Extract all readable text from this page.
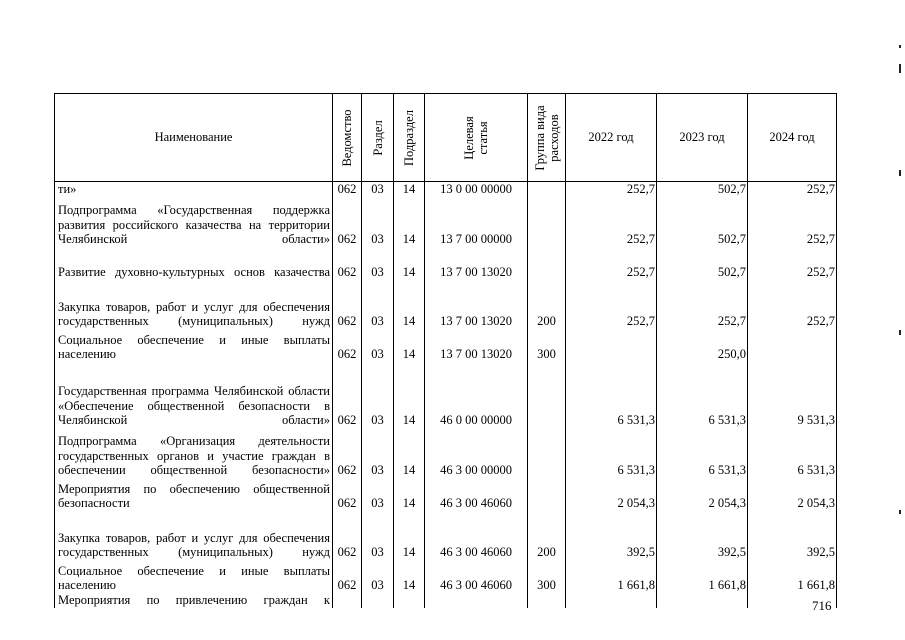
Наименование	Ведомство	Раздел	Подраздел	Целевая статья	Группа вида расходов	2022 год	2023 год	2024 год
ти»	062	03	14	13 0 00 00000		252,7	502,7	252,7
Подпрограмма «Государственная поддержка развития российского казачества на территории Челябинской области»	062	03	14	13 7 00 00000		252,7	502,7	252,7
Развитие духовно-культурных основ казачества	062	03	14	13 7 00 13020		252,7	502,7	252,7
Закупка товаров, работ и услуг для обеспечения государственных (муниципальных) нужд	062	03	14	13 7 00 13020	200	252,7	252,7	252,7
Социальное обеспечение и иные выплаты населению	062	03	14	13 7 00 13020	300		250,0	
Государственная программа Челябинской области «Обеспечение общественной безопасности в Челябинской области»	062	03	14	46 0 00 00000		6 531,3	6 531,3	9 531,3
Подпрограмма «Организация деятельности государственных органов и участие граждан в обеспечении общественной безопасности»	062	03	14	46 3 00 00000		6 531,3	6 531,3	6 531,3
Мероприятия по обеспечению общественной безопасности	062	03	14	46 3 00 46060		2 054,3	2 054,3	2 054,3
Закупка товаров, работ и услуг для обеспечения государственных (муниципальных) нужд	062	03	14	46 3 00 46060	200	392,5	392,5	392,5
Социальное обеспечение и иные выплаты населению	062	03	14	46 3 00 46060	300	1 661,8	1 661,8	1 661,8
Мероприятия по привлечению граждан к									716
